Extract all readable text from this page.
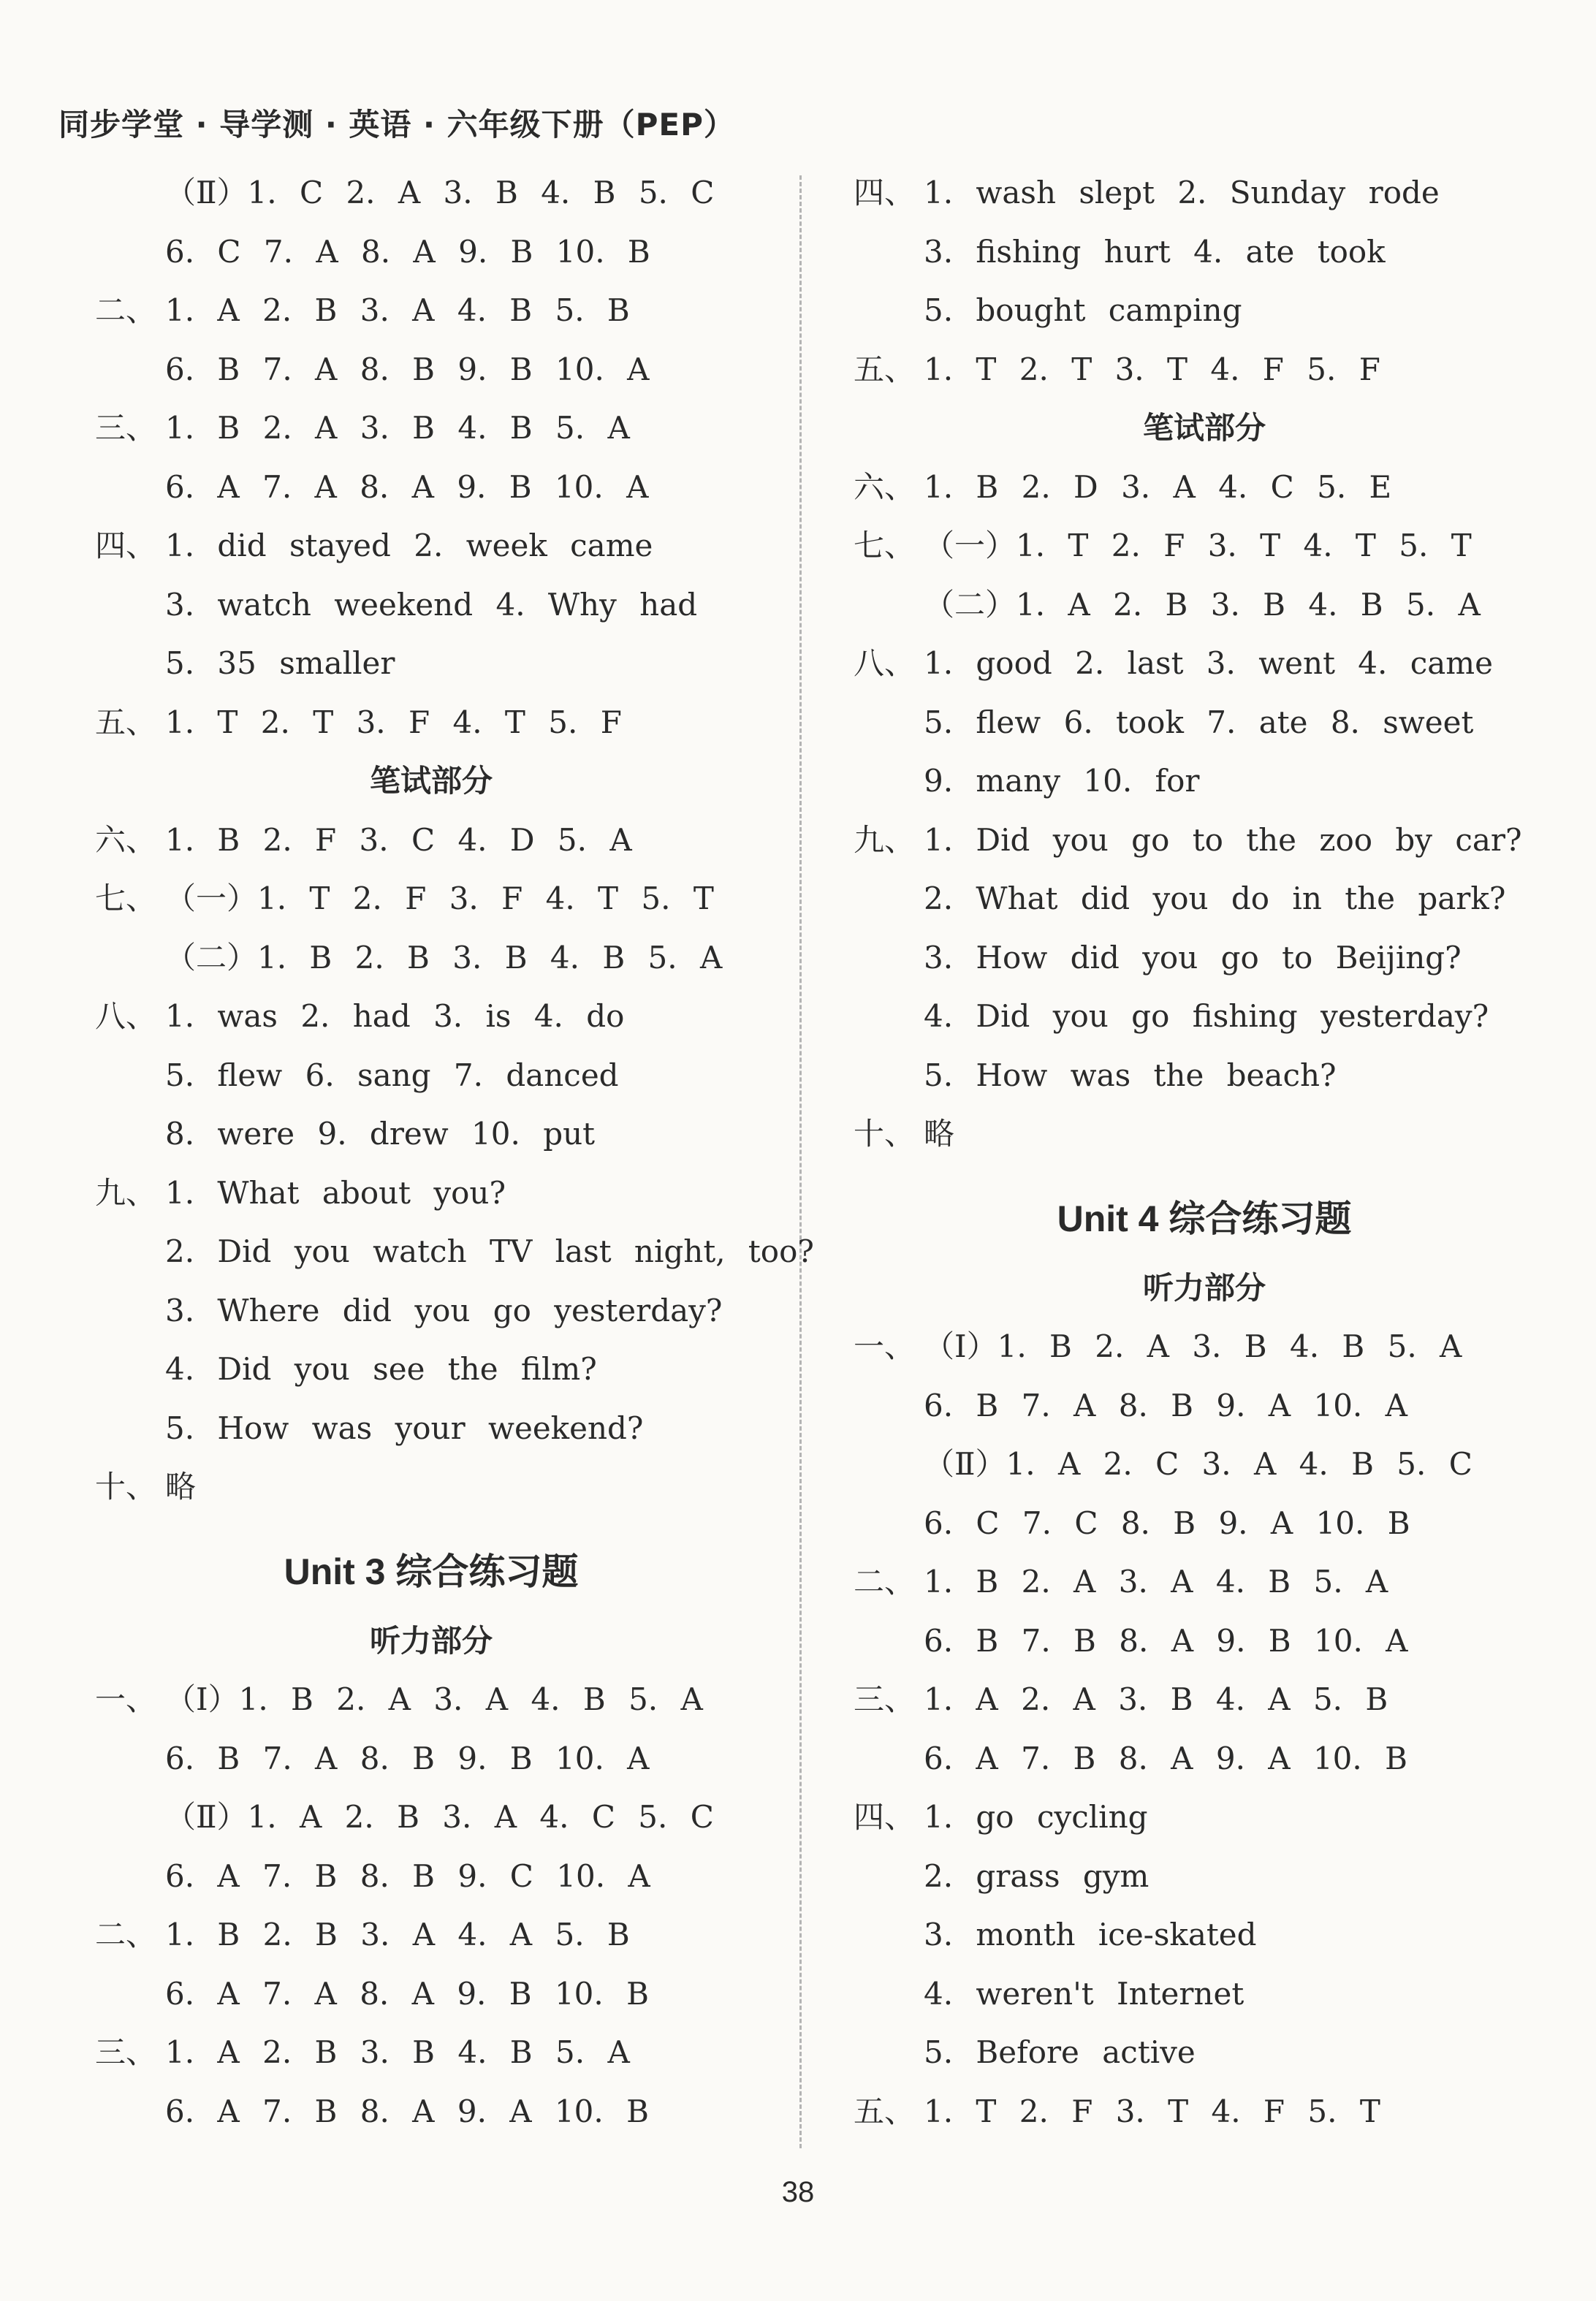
同步学堂 · 导学测 · 英语 · 六年级下册（PEP）
（Ⅱ）1. C 2. A 3. B 4. B 5. C
6. C 7. A 8. A 9. B 10. B
二、 1. A 2. B 3. A 4. B 5. B
6. B 7. A 8. B 9. B 10. A
三、 1. B 2. A 3. B 4. B 5. A
6. A 7. A 8. A 9. B 10. A
四、 1. did stayed 2. week came
3. watch weekend 4. Why had
5. 35 smaller
五、 1. T 2. T 3. F 4. T 5. F
笔试部分
六、 1. B 2. F 3. C 4. D 5. A
七、 （一）1. T 2. F 3. F 4. T 5. T
（二）1. B 2. B 3. B 4. B 5. A
八、 1. was 2. had 3. is 4. do
5. flew 6. sang 7. danced
8. were 9. drew 10. put
九、 1. What about you?
2. Did you watch TV last night, too?
3. Where did you go yesterday?
4. Did you see the film?
5. How was your weekend?
十、 略
Unit 3 综合练习题
听力部分
一、 （Ⅰ）1. B 2. A 3. A 4. B 5. A
6. B 7. A 8. B 9. B 10. A
（Ⅱ）1. A 2. B 3. A 4. C 5. C
6. A 7. B 8. B 9. C 10. A
二、 1. B 2. B 3. A 4. A 5. B
6. A 7. A 8. A 9. B 10. B
三、 1. A 2. B 3. B 4. B 5. A
6. A 7. B 8. A 9. A 10. B
四、 1. wash slept 2. Sunday rode
3. fishing hurt 4. ate took
5. bought camping
五、 1. T 2. T 3. T 4. F 5. F
笔试部分
六、 1. B 2. D 3. A 4. C 5. E
七、 （一）1. T 2. F 3. T 4. T 5. T
（二）1. A 2. B 3. B 4. B 5. A
八、 1. good 2. last 3. went 4. came
5. flew 6. took 7. ate 8. sweet
9. many 10. for
九、 1. Did you go to the zoo by car?
2. What did you do in the park?
3. How did you go to Beijing?
4. Did you go fishing yesterday?
5. How was the beach?
十、 略
Unit 4 综合练习题
听力部分
一、 （Ⅰ）1. B 2. A 3. B 4. B 5. A
6. B 7. A 8. B 9. A 10. A
（Ⅱ）1. A 2. C 3. A 4. B 5. C
6. C 7. C 8. B 9. A 10. B
二、 1. B 2. A 3. A 4. B 5. A
6. B 7. B 8. A 9. B 10. A
三、 1. A 2. A 3. B 4. A 5. B
6. A 7. B 8. A 9. A 10. B
四、 1. go cycling
2. grass gym
3. month ice-skated
4. weren't Internet
5. Before active
五、 1. T 2. F 3. T 4. F 5. T
38
